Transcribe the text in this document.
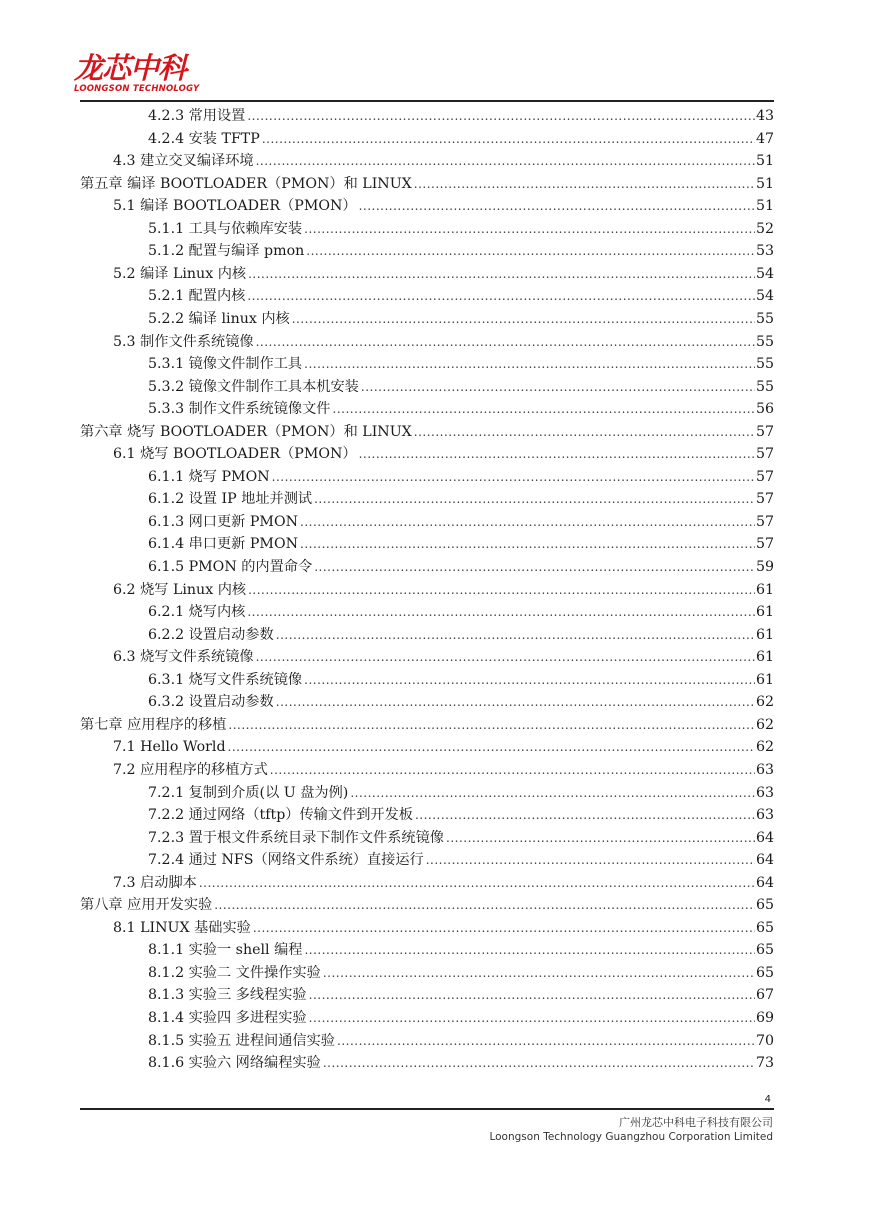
龙芯中科
LOONGSON TECHNOLOGY
4.2.3 常用设置 .....	43
4.2.4 安装 TFTP .....	47
4.3 建立交叉编译环境 .....	51
第五章 编译 BOOTLOADER（PMON）和 LINUX .....	51
5.1 编译 BOOTLOADER（PMON） .....	51
5.1.1 工具与依赖库安装 .....	52
5.1.2 配置与编译 pmon .....	53
5.2 编译 Linux 内核 .....	54
5.2.1 配置内核 .....	54
5.2.2 编译 linux 内核 .....	55
5.3 制作文件系统镜像 .....	55
5.3.1 镜像文件制作工具 .....	55
5.3.2 镜像文件制作工具本机安装 .....	55
5.3.3 制作文件系统镜像文件 .....	56
第六章 烧写 BOOTLOADER（PMON）和 LINUX .....	57
6.1 烧写 BOOTLOADER（PMON） .....	57
6.1.1 烧写 PMON .....	57
6.1.2 设置 IP 地址并测试 .....	57
6.1.3 网口更新 PMON .....	57
6.1.4 串口更新 PMON .....	57
6.1.5 PMON 的内置命令 .....	59
6.2 烧写 Linux 内核 .....	61
6.2.1 烧写内核 .....	61
6.2.2 设置启动参数 .....	61
6.3 烧写文件系统镜像 .....	61
6.3.1 烧写文件系统镜像 .....	61
6.3.2 设置启动参数 .....	62
第七章 应用程序的移植 .....	62
7.1 Hello World .....	62
7.2 应用程序的移植方式 .....	63
7.2.1 复制到介质(以 U 盘为例) .....	63
7.2.2 通过网络（tftp）传输文件到开发板 .....	63
7.2.3 置于根文件系统目录下制作文件系统镜像 .....	64
7.2.4 通过 NFS（网络文件系统）直接运行 .....	64
7.3 启动脚本 .....	64
第八章 应用开发实验 .....	65
8.1 LINUX 基础实验 .....	65
8.1.1 实验一 shell 编程 .....	65
8.1.2 实验二 文件操作实验 .....	65
8.1.3 实验三 多线程实验 .....	67
8.1.4 实验四 多进程实验 .....	69
8.1.5 实验五 进程间通信实验 .....	70
8.1.6 实验六 网络编程实验 .....	73
4
广州龙芯中科电子科技有限公司
Loongson Technology Guangzhou Corporation Limited
